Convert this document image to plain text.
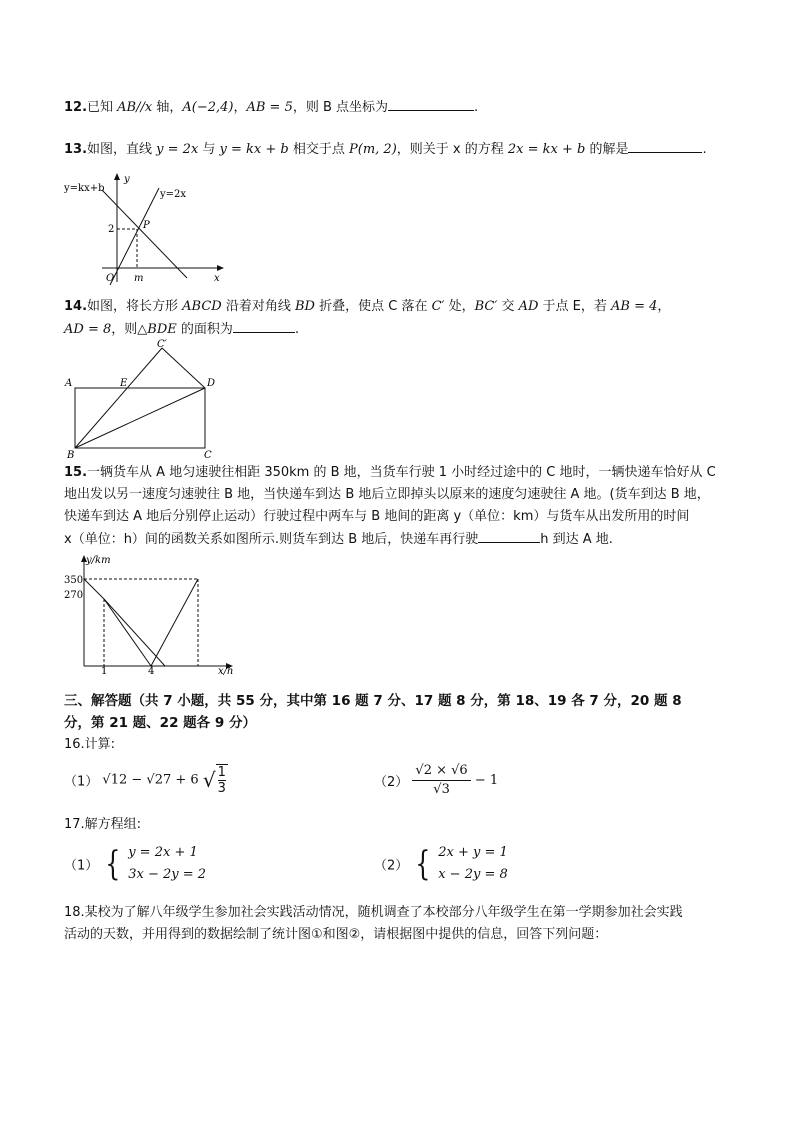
12.已知 AB//x 轴，A(−2,4)，AB = 5，则 B 点坐标为	.
13.如图，直线 y = 2x 与 y = kx + b 相交于点 P(m, 2)，则关于 x 的方程 2x = kx + b 的解是	.
y=kx+b
y=2x
y
x
O
2
m
P
14.如图，将长方形 ABCD 沿着对角线 BD 折叠，使点 C 落在 C′ 处，BC′ 交 AD 于点 E，若 AB = 4，
AD = 8，则△BDE 的面积为	.
A
B	C
D
E
C′
15.一辆货车从 A 地匀速驶往相距 350km 的 B 地，当货车行驶 1 小时经过途中的 C 地时，一辆快递车恰好从 C
地出发以另一速度匀速驶往 B 地，当快递车到达 B 地后立即掉头以原来的速度匀速驶往 A 地。(货车到达 B 地，
快递车到达 A 地后分别停止运动）行驶过程中两车与 B 地间的距离 y（单位：km）与货车从出发所用的时间
x（单位：h）间的函数关系如图所示.则货车到达 B 地后，快递车再行驶	h 到达 A 地.
y/km
x/h
350
270
1	4
三、解答题（共 7 小题，共 55 分，其中第 16 题 7 分、17 题 8 分，第 18、19 各 7 分，20 题 8
分，第 21 题、22 题各 9 分）
16.计算:
（1） √12 − √27 + 6 √ $\frac{1}{3}$	$(2) \frac{√2 \times √6}{√3} - 1$
17.解方程组:
（1） { y = 2x + 1
3x − 2y = 2
（2） { 2x + y = 1
x − 2y = 8
18.某校为了解八年级学生参加社会实践活动情况，随机调查了本校部分八年级学生在第一学期参加社会实践
活动的天数，并用得到的数据绘制了统计图①和图②，请根据图中提供的信息，回答下列问题：
